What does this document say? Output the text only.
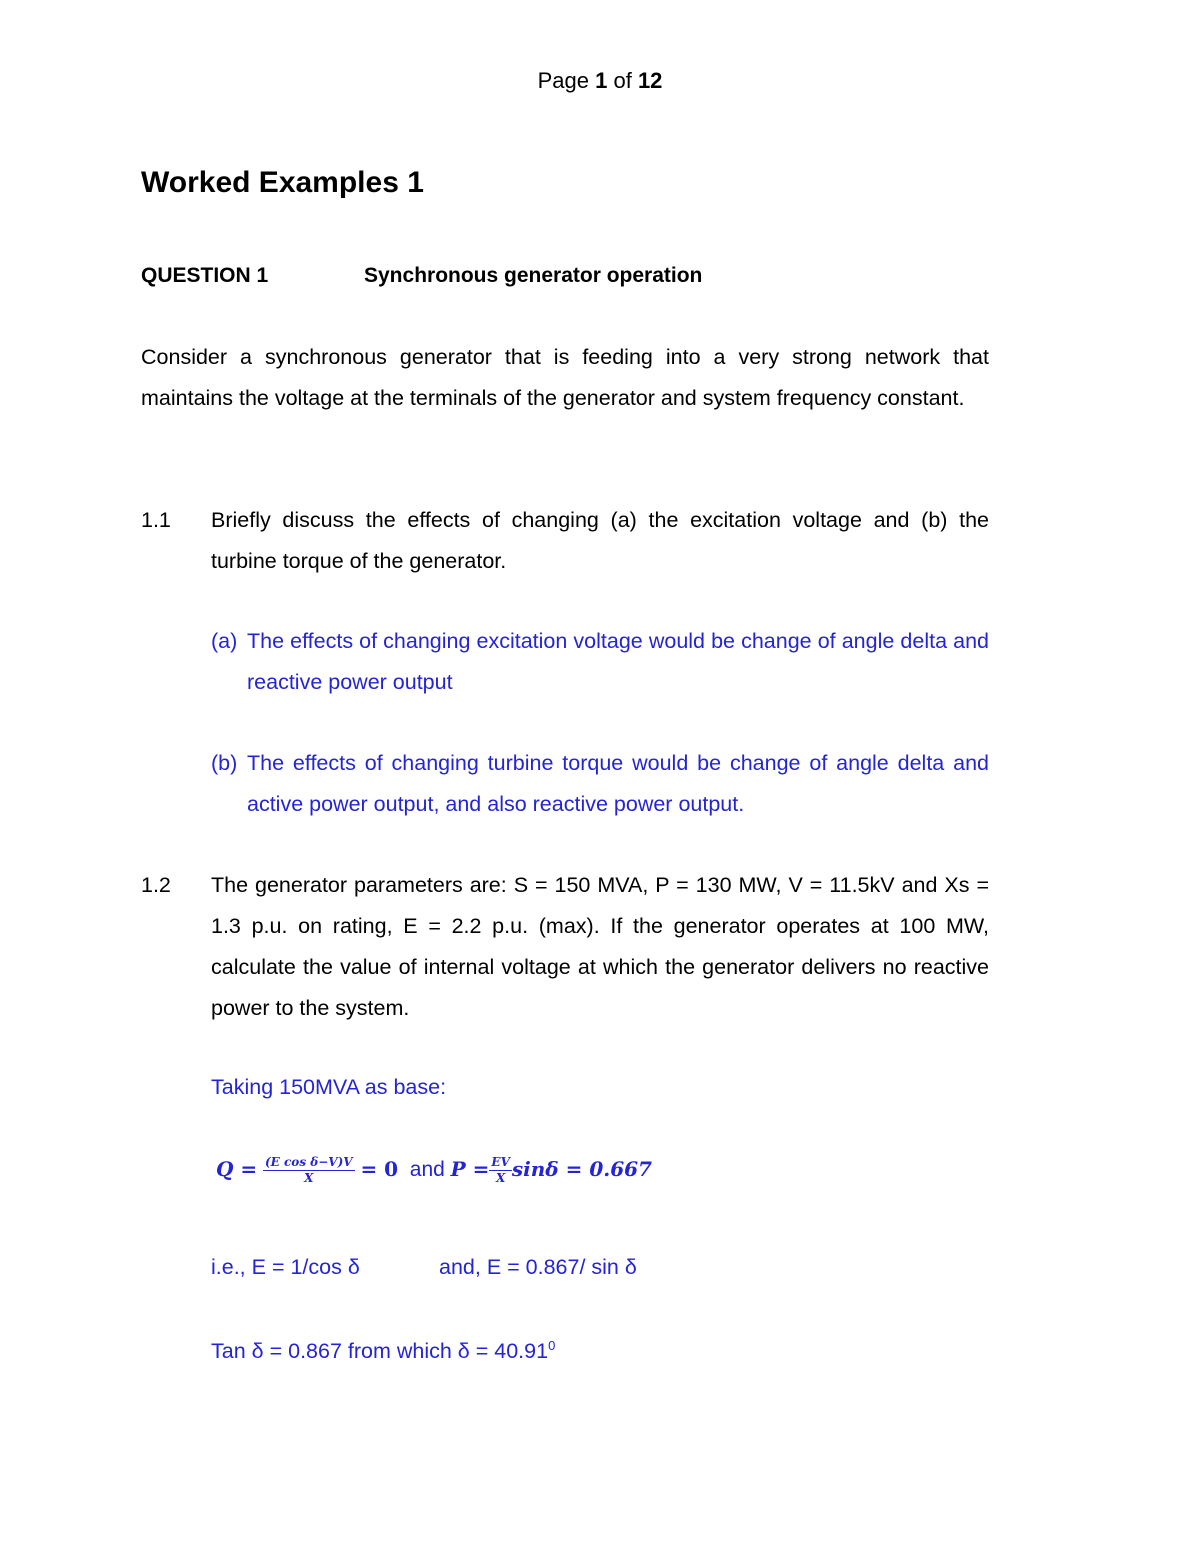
Page 1 of 12
Worked Examples 1
QUESTION 1	Synchronous generator operation
Consider a synchronous generator that is feeding into a very strong network that maintains the voltage at the terminals of the generator and system frequency constant.
1.1 Briefly discuss the effects of changing (a) the excitation voltage and (b) the turbine torque of the generator.
(a) The effects of changing excitation voltage would be change of angle delta and reactive power output
(b) The effects of changing turbine torque would be change of angle delta and active power output, and also reactive power output.
1.2 The generator parameters are: S = 150 MVA, P = 130 MW, V = 11.5kV and Xs = 1.3 p.u. on rating, E = 2.2 p.u. (max). If the generator operates at 100 MW, calculate the value of internal voltage at which the generator delivers no reactive power to the system.
Taking 150MVA as base:
$Q = \frac{\text{(E cos δ−V)V}}{X} = 0$ and $P = \frac{EV}{X}$ sinδ = 0.667
i.e., E = 1/cos δ	and, E = 0.867/ sin δ
Tan δ = 0.867 from which $\delta = 40.91^0$
